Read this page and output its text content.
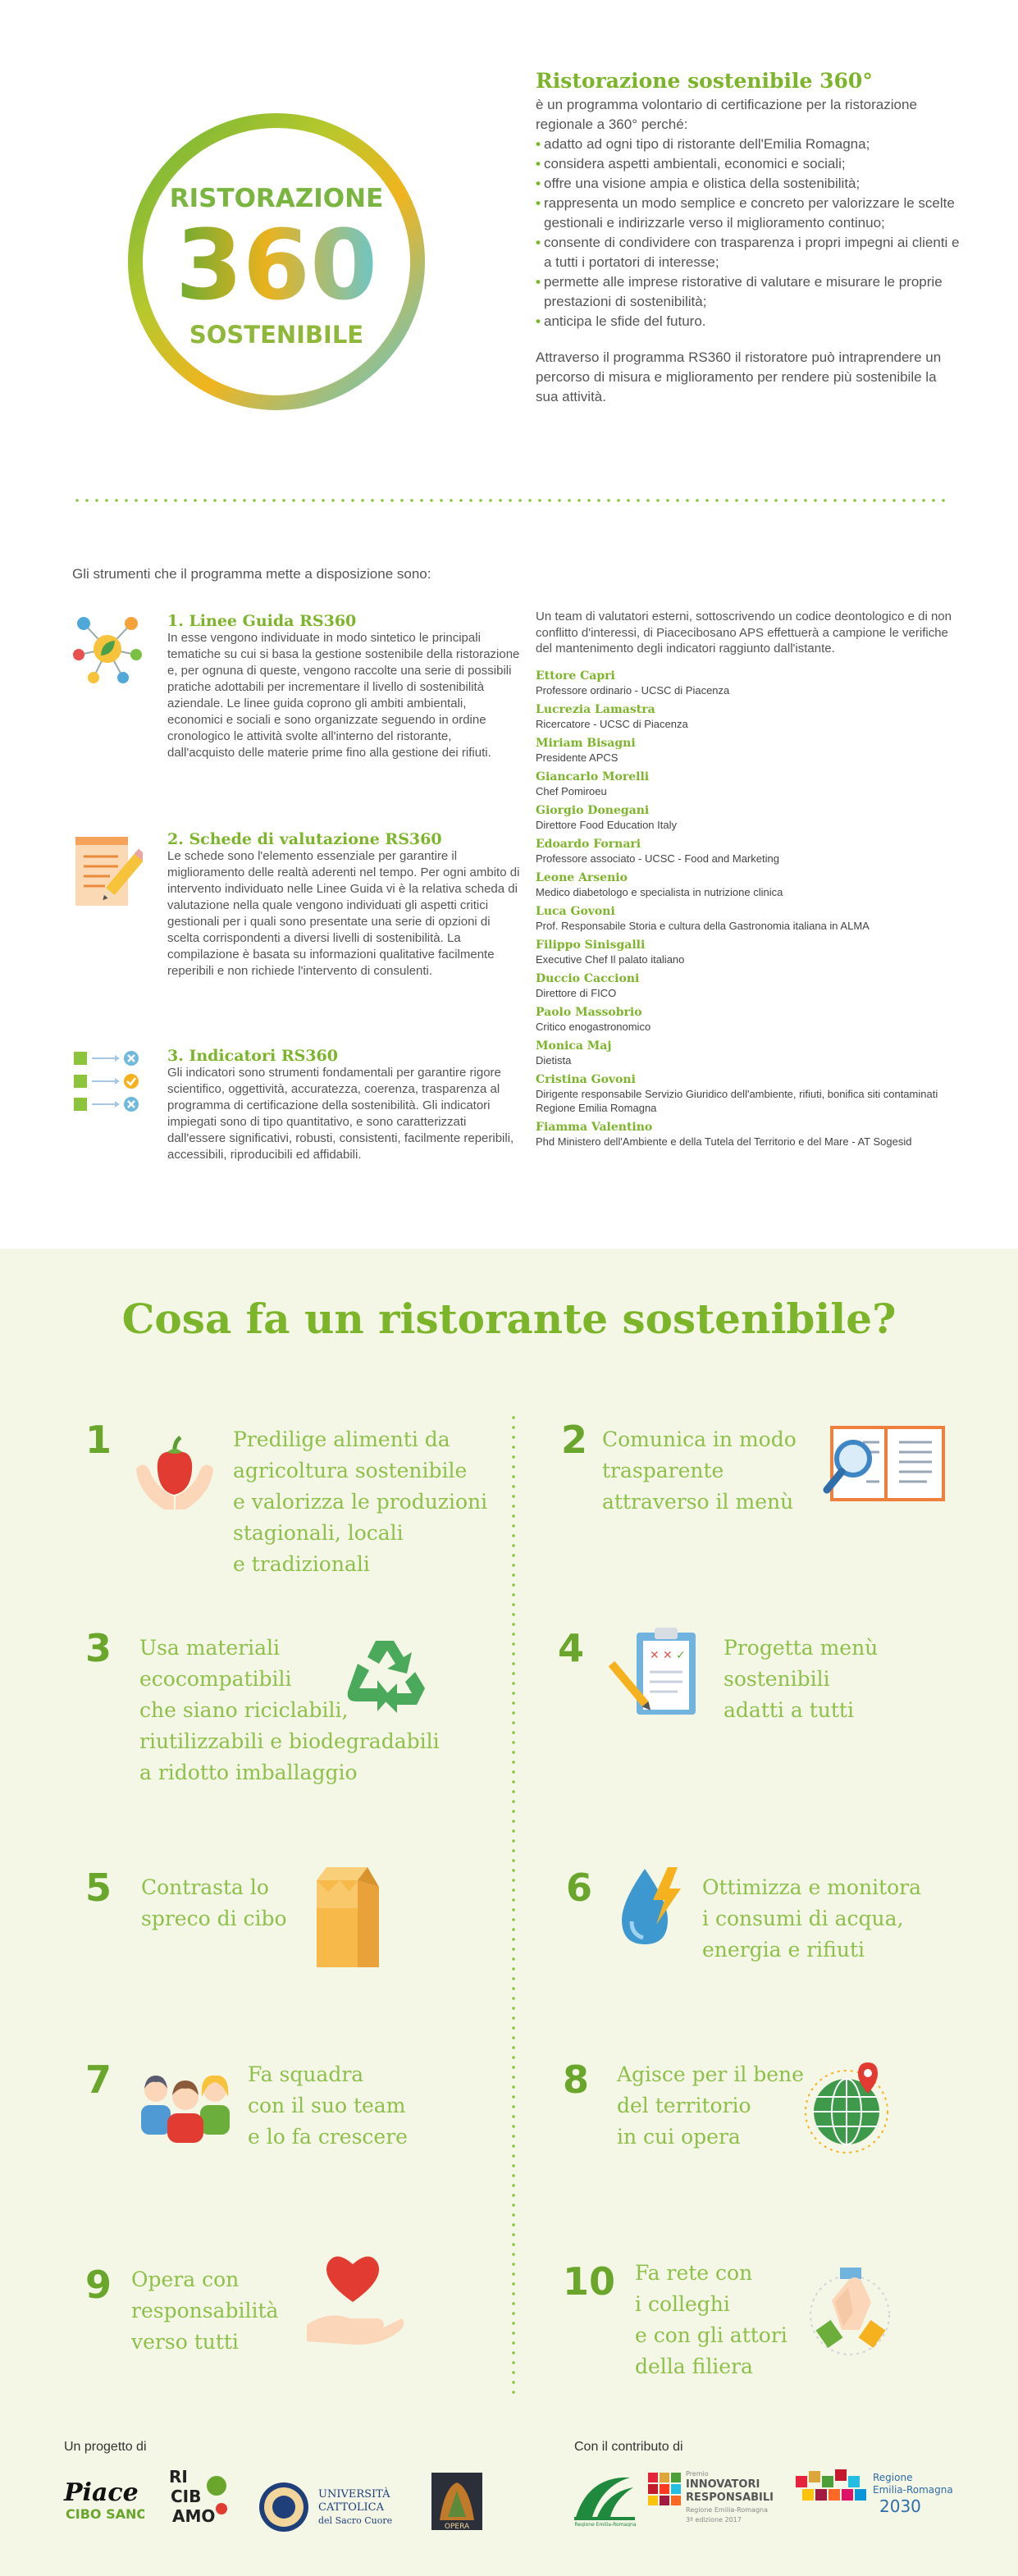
RISTORAZIONE
360
SOSTENIBILE
Ristorazione sostenibile 360°

è un programma volontario di certificazione per la ristorazione regionale a 360° perché:

• adatto ad ogni tipo di ristorante dell'Emilia Romagna;
• considera aspetti ambientali, economici e sociali;
• offre una visione ampia e olistica della sostenibilità;
• rappresenta un modo semplice e concreto per valorizzare le scelte gestionali e indirizzarle verso il miglioramento continuo;
• consente di condividere con trasparenza i propri impegni ai clienti e a tutti i portatori di interesse;
• permette alle imprese ristorative di valutare e misurare le proprie prestazioni di sostenibilità;
• anticipa le sfide del futuro.

Attraverso il programma RS360 il ristoratore può intraprendere un percorso di misura e miglioramento per rendere più sostenibile la sua attività.

Gli strumenti che il programma mette a disposizione sono:

1. Linee Guida RS360

In esse vengono individuate in modo sintetico le principali tematiche su cui si basa la gestione sostenibile della ristorazione e, per ognuna di queste, vengono raccolte una serie di possibili pratiche adottabili per incrementare il livello di sostenibilità aziendale. Le linee guida coprono gli ambiti ambientali, economici e sociali e sono organizzate seguendo in ordine cronologico le attività svolte all'interno del ristorante, dall'acquisto delle materie prime fino alla gestione dei rifiuti.

2. Schede di valutazione RS360

Le schede sono l'elemento essenziale per garantire il miglioramento delle realtà aderenti nel tempo. Per ogni ambito di intervento individuato nelle Linee Guida vi è la relativa scheda di valutazione nella quale vengono individuati gli aspetti critici gestionali per i quali sono presentate una serie di opzioni di scelta corrispondenti a diversi livelli di sostenibilità. La compilazione è basata su informazioni qualitative facilmente reperibili e non richiede l'intervento di consulenti.

3. Indicatori RS360

Gli indicatori sono strumenti fondamentali per garantire rigore scientifico, oggettività, accuratezza, coerenza, trasparenza al programma di certificazione della sostenibilità. Gli indicatori impiegati sono di tipo quantitativo, e sono caratterizzati dall'essere significativi, robusti, consistenti, facilmente reperibili, accessibili, riproducibili ed affidabili.

Un team di valutatori esterni, sottoscrivendo un codice deontologico e di non conflitto d'interessi, di Piacecibosano APS effettuerà a campione le verifiche del mantenimento degli indicatori raggiunto dall'istante.

Ettore Capri
Professore ordinario - UCSC di Piacenza
Lucrezia Lamastra
Ricercatore - UCSC di Piacenza
Miriam Bisagni
Presidente APCS
Giancarlo Morelli
Chef Pomiroeu
Giorgio Donegani
Direttore Food Education Italy
Edoardo Fornari
Professore associato - UCSC - Food and Marketing
Leone Arsenio
Medico diabetologo e specialista in nutrizione clinica
Luca Govoni
Prof. Responsabile Storia e cultura della Gastronomia italiana in ALMA
Filippo Sinisgalli
Executive Chef Il palato italiano
Duccio Caccioni
Direttore di FICO
Paolo Massobrio
Critico enogastronomico
Monica Maj
Dietista
Cristina Govoni
Dirigente responsabile Servizio Giuridico dell'ambiente, rifiuti, bonifica siti contaminati Regione Emilia Romagna
Fiamma Valentino
Phd Ministero dell'Ambiente e della Tutela del Territorio e del Mare - AT Sogesid
Cosa fa un ristorante sostenibile?
1	Predilige alimenti da
agricoltura sostenibile
e valorizza le produzioni
stagionali, locali
e tradizionali
2 Comunica in modo
trasparente
attraverso il menù
3 Usa materiali
ecocompatibili
che siano riciclabili,
riutilizzabili e biodegradabili
a ridotto imballaggio
4	✕ ✕ ✓ Progetta menù
sostenibili
adatti a tutti
5 Contrasta lo
spreco di cibo
6	Ottimizza e monitora
i consumi di acqua,
energia e rifiuti
7	Fa squadra
con il suo team
e lo fa crescere
8 Agisce per il bene
del territorio
in cui opera
9 Opera con
responsabilità
verso tutti
10 Fa rete con
i colleghi
e con gli attori
della filiera
Un progetto di	Con il contributo di
Piace
CIBO SANO
RI
CIB
AMO
UNIVERSITÀ
CATTOLICA
del Sacro Cuore
OPERA	Regione Emilia-Romagna
Premio
INNOVATORI
RESPONSABILI
Regione Emilia-Romagna
3ª edizione 2017
Regione
Emilia-Romagna
2030
